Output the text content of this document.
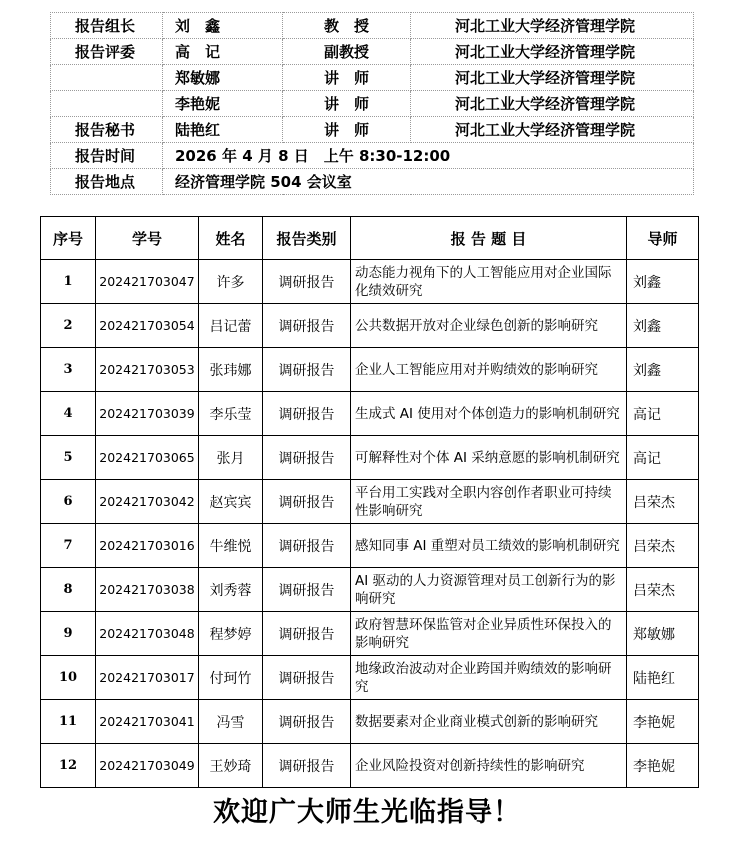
报告组长	刘　鑫	教　授	河北工业大学经济管理学院
报告评委	高　记	副教授	河北工业大学经济管理学院
	郑敏娜	讲　师	河北工业大学经济管理学院
	李艳妮	讲　师	河北工业大学经济管理学院
报告秘书	陆艳红	讲　师	河北工业大学经济管理学院
报告时间	2026 年 4 月 8 日　上午 8:30-12:00		
报告地点	经济管理学院 504 会议室		
序号	学号	姓名	报告类别	报 告 题 目	导师
1	202421703047	许多	调研报告	动态能力视角下的人工智能应用对企业国际化绩效研究	刘鑫
2	202421703054	吕记蕾	调研报告	公共数据开放对企业绿色创新的影响研究	刘鑫
3	202421703053	张玮娜	调研报告	企业人工智能应用对并购绩效的影响研究	刘鑫
4	202421703039	李乐莹	调研报告	生成式 AI 使用对个体创造力的影响机制研究	高记
5	202421703065	张月	调研报告	可解释性对个体 AI 采纳意愿的影响机制研究	高记
6	202421703042	赵宾宾	调研报告	平台用工实践对全职内容创作者职业可持续性影响研究	吕荣杰
7	202421703016	牛维悦	调研报告	感知同事 AI 重塑对员工绩效的影响机制研究	吕荣杰
8	202421703038	刘秀蓉	调研报告	AI 驱动的人力资源管理对员工创新行为的影响研究	吕荣杰
9	202421703048	程梦婷	调研报告	政府智慧环保监管对企业异质性环保投入的影响研究	郑敏娜
10	202421703017	付珂竹	调研报告	地缘政治波动对企业跨国并购绩效的影响研究	陆艳红
11	202421703041	冯雪	调研报告	数据要素对企业商业模式创新的影响研究	李艳妮
12	202421703049	王妙琦	调研报告	企业风险投资对创新持续性的影响研究	李艳妮
欢迎广大师生光临指导！
